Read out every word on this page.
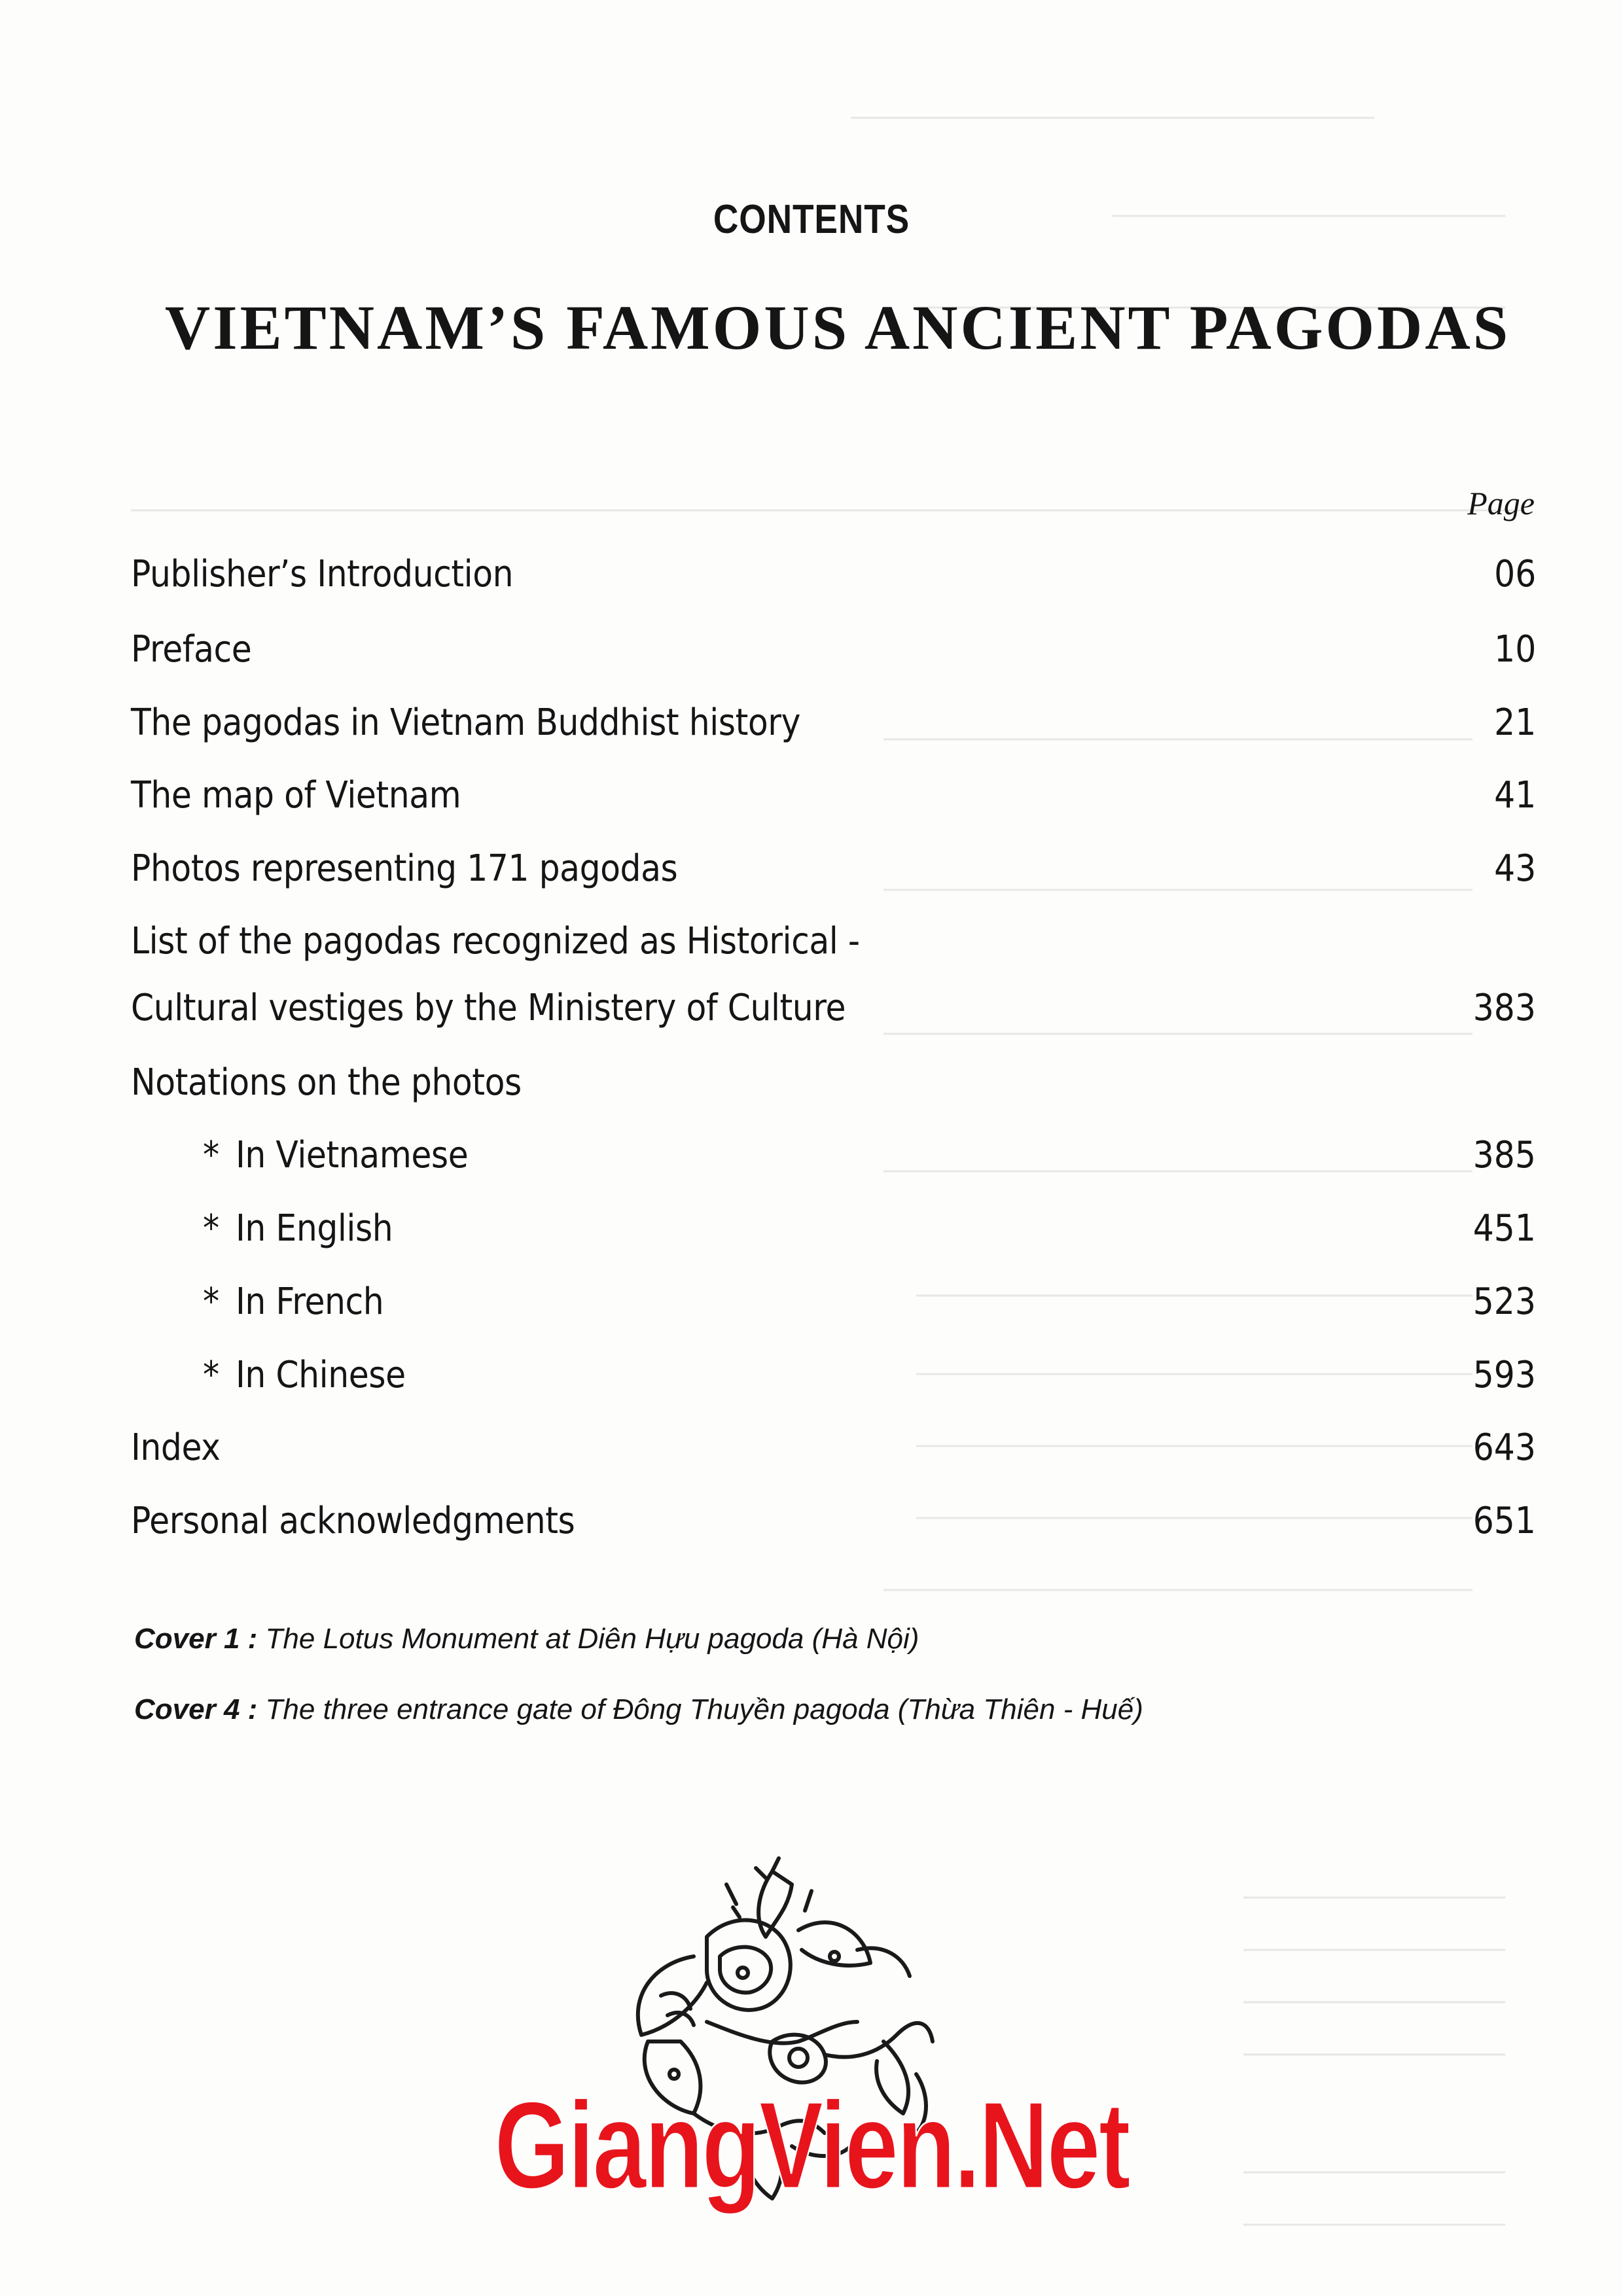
CONTENTS
VIETNAM’S FAMOUS ANCIENT PAGODAS
Page
Publisher’s Introduction	06
Preface	10
The pagodas in Vietnam Buddhist history	21
The map of Vietnam	41
Photos representing 171 pagodas	43
List of the pagodas recognized as Historical -
Cultural vestiges by the Ministery of Culture	383
Notations on the photos
* In Vietnamese	385
* In English	451
* In French	523
* In Chinese	593
Index	643
Personal acknowledgments	651
Cover 1 : The Lotus Monument at Diên Hựu pagoda (Hà Nội)
Cover 4 : The three entrance gate of Đông Thuyền pagoda (Thừa Thiên - Huế)
GiangVien.Net
